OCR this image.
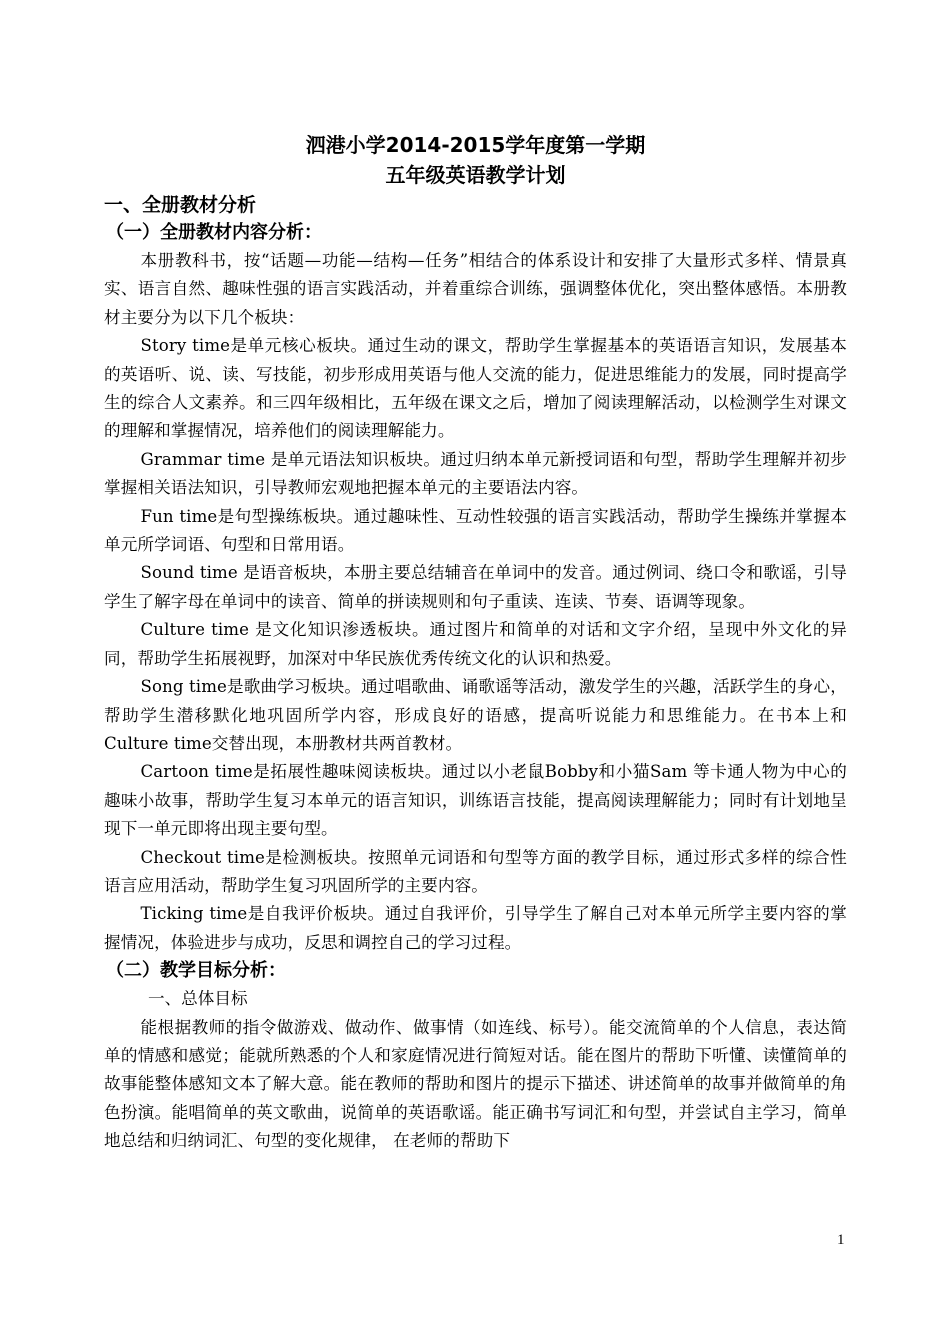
泗港小学2014-2015学年度第一学期
五年级英语教学计划
一、全册教材分析
（一）全册教材内容分析：

本册教科书，按“话题—功能—结构—任务”相结合的体系设计和安排了大量形式多样、情景真实、语言自然、趣味性强的语言实践活动，并着重综合训练，强调整体优化，突出整体感悟。本册教材主要分为以下几个板块：

Story time是单元核心板块。通过生动的课文，帮助学生掌握基本的英语语言知识，发展基本的英语听、说、读、写技能，初步形成用英语与他人交流的能力，促进思维能力的发展，同时提高学生的综合人文素养。和三四年级相比，五年级在课文之后，增加了阅读理解活动，以检测学生对课文的理解和掌握情况，培养他们的阅读理解能力。

Grammar time 是单元语法知识板块。通过归纳本单元新授词语和句型，帮助学生理解并初步掌握相关语法知识，引导教师宏观地把握本单元的主要语法内容。

Fun time是句型操练板块。通过趣味性、互动性较强的语言实践活动，帮助学生操练并掌握本单元所学词语、句型和日常用语。

Sound time 是语音板块，本册主要总结辅音在单词中的发音。通过例词、绕口令和歌谣，引导学生了解字母在单词中的读音、简单的拼读规则和句子重读、连读、节奏、语调等现象。

Culture time 是文化知识渗透板块。通过图片和简单的对话和文字介绍，呈现中外文化的异同，帮助学生拓展视野，加深对中华民族优秀传统文化的认识和热爱。

Song time是歌曲学习板块。通过唱歌曲、诵歌谣等活动，激发学生的兴趣，活跃学生的身心，帮助学生潜移默化地巩固所学内容，形成良好的语感，提高听说能力和思维能力。在书本上和Culture time交替出现，本册教材共两首教材。

Cartoon time是拓展性趣味阅读板块。通过以小老鼠Bobby和小猫Sam 等卡通人物为中心的趣味小故事，帮助学生复习本单元的语言知识，训练语言技能，提高阅读理解能力；同时有计划地呈现下一单元即将出现主要句型。

Checkout time是检测板块。按照单元词语和句型等方面的教学目标，通过形式多样的综合性语言应用活动，帮助学生复习巩固所学的主要内容。

Ticking time是自我评价板块。通过自我评价，引导学生了解自己对本单元所学主要内容的掌握情况，体验进步与成功，反思和调控自己的学习过程。

（二）教学目标分析：
一、总体目标

能根据教师的指令做游戏、做动作、做事情（如连线、标号）。能交流简单的个人信息，表达简单的情感和感觉；能就所熟悉的个人和家庭情况进行简短对话。能在图片的帮助下听懂、读懂简单的故事能整体感知文本了解大意。能在教师的帮助和图片的提示下描述、讲述简单的故事并做简单的角色扮演。能唱简单的英文歌曲，说简单的英语歌谣。能正确书写词汇和句型，并尝试自主学习，简单地总结和归纳词汇、句型的变化规律， 在老师的帮助下

1
